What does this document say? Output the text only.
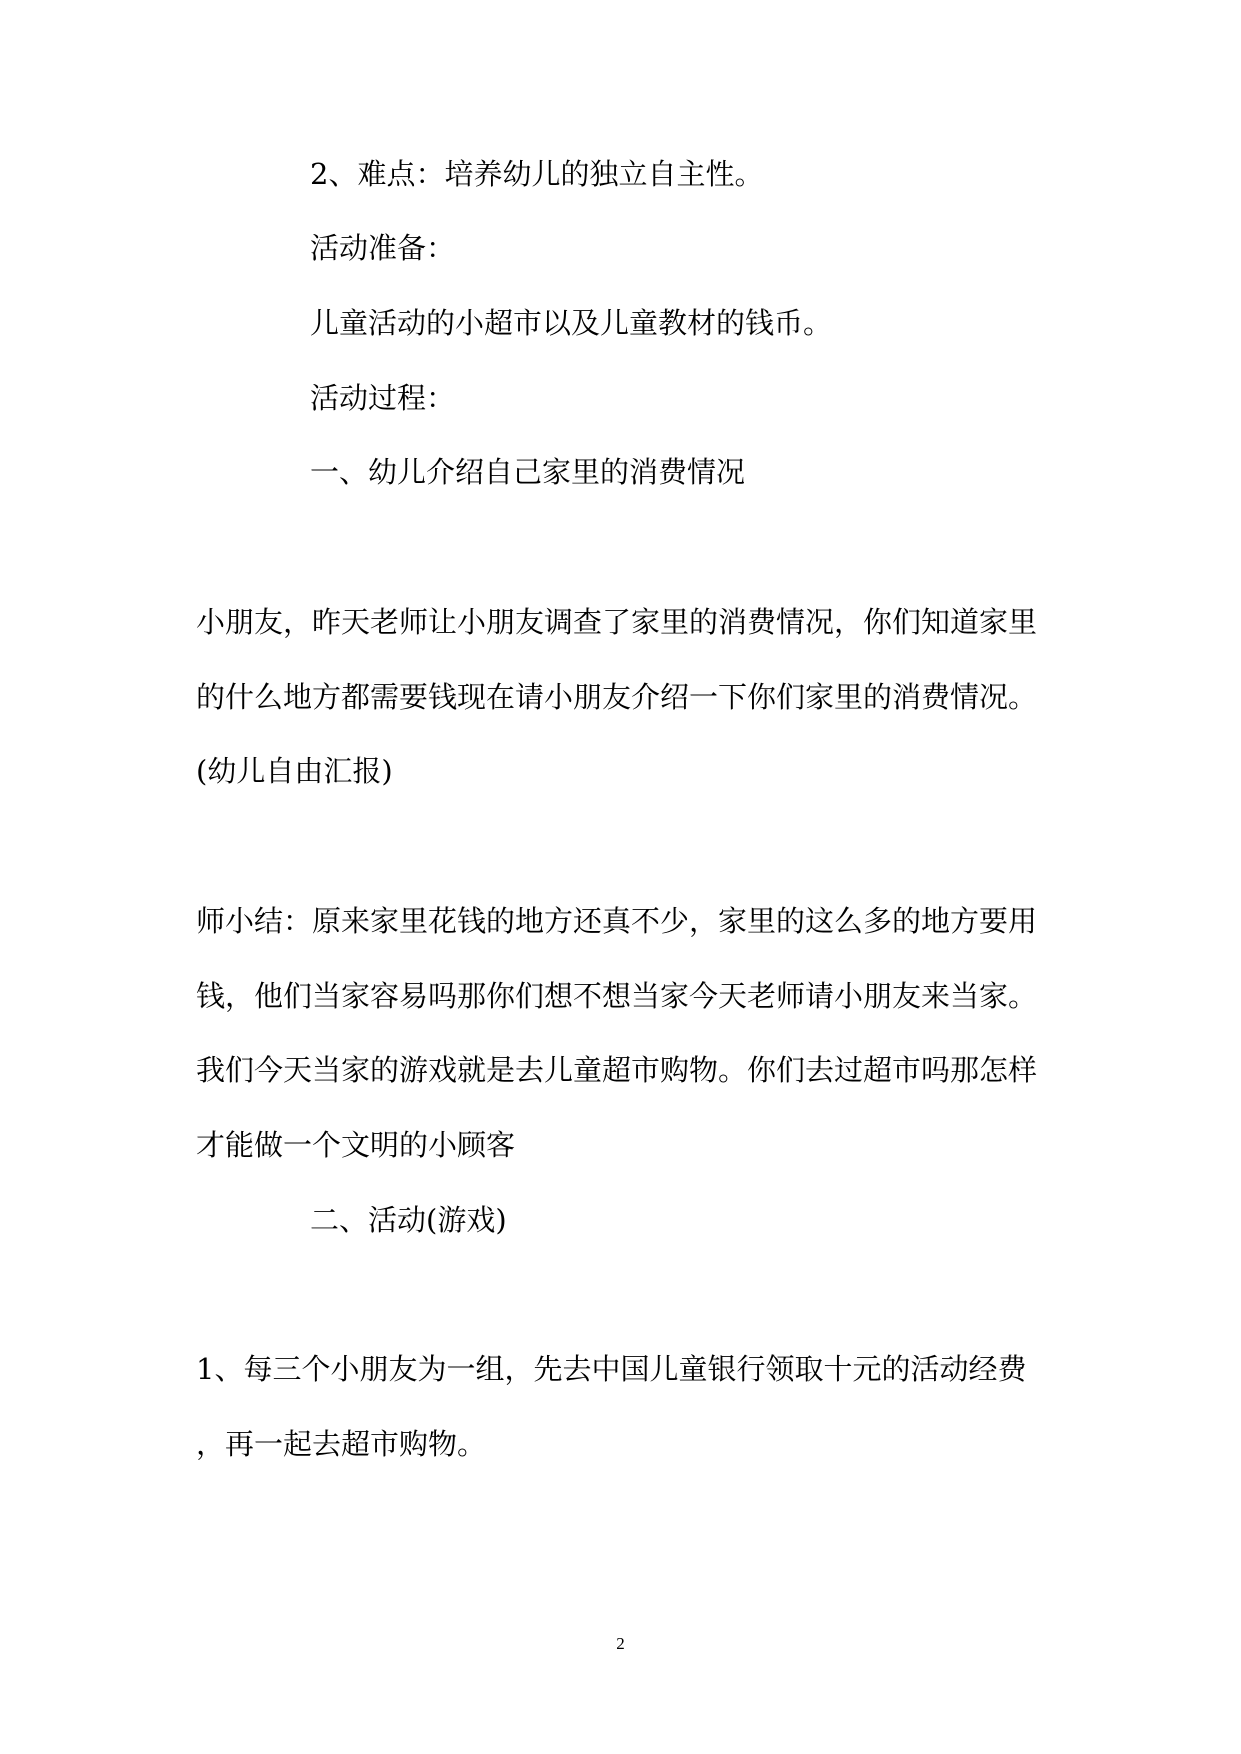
2、难点：培养幼儿的独立自主性。

活动准备：

儿童活动的小超市以及儿童教材的钱币。

活动过程：

一、幼儿介绍自己家里的消费情况

小朋友，昨天老师让小朋友调查了家里的消费情况，你们知道家里

的什么地方都需要钱现在请小朋友介绍一下你们家里的消费情况。

(幼儿自由汇报)

师小结：原来家里花钱的地方还真不少，家里的这么多的地方要用

钱，他们当家容易吗那你们想不想当家今天老师请小朋友来当家。

我们今天当家的游戏就是去儿童超市购物。你们去过超市吗那怎样

才能做一个文明的小顾客

二、活动(游戏)

1、每三个小朋友为一组，先去中国儿童银行领取十元的活动经费

，再一起去超市购物。

2
